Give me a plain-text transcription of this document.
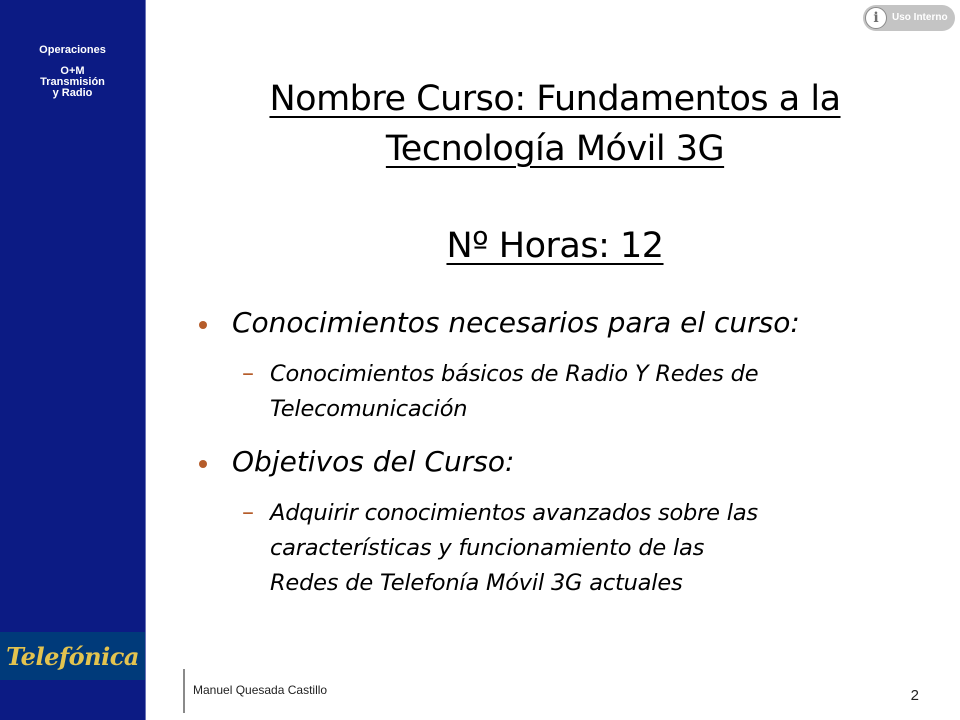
Operaciones
O+M
Transmisión
y Radio
Telefónica
i	Uso Interno
Nombre Curso: Fundamentos a la
Tecnología Móvil 3G
Nº Horas: 12
Conocimientos necesarios para el curso:
– Conocimientos básicos de Radio Y Redes de
Telecomunicación
Objetivos del Curso:
– Adquirir conocimientos avanzados sobre las
características y funcionamiento de las
Redes de Telefonía Móvil 3G actuales
Manuel Quesada Castillo	2
